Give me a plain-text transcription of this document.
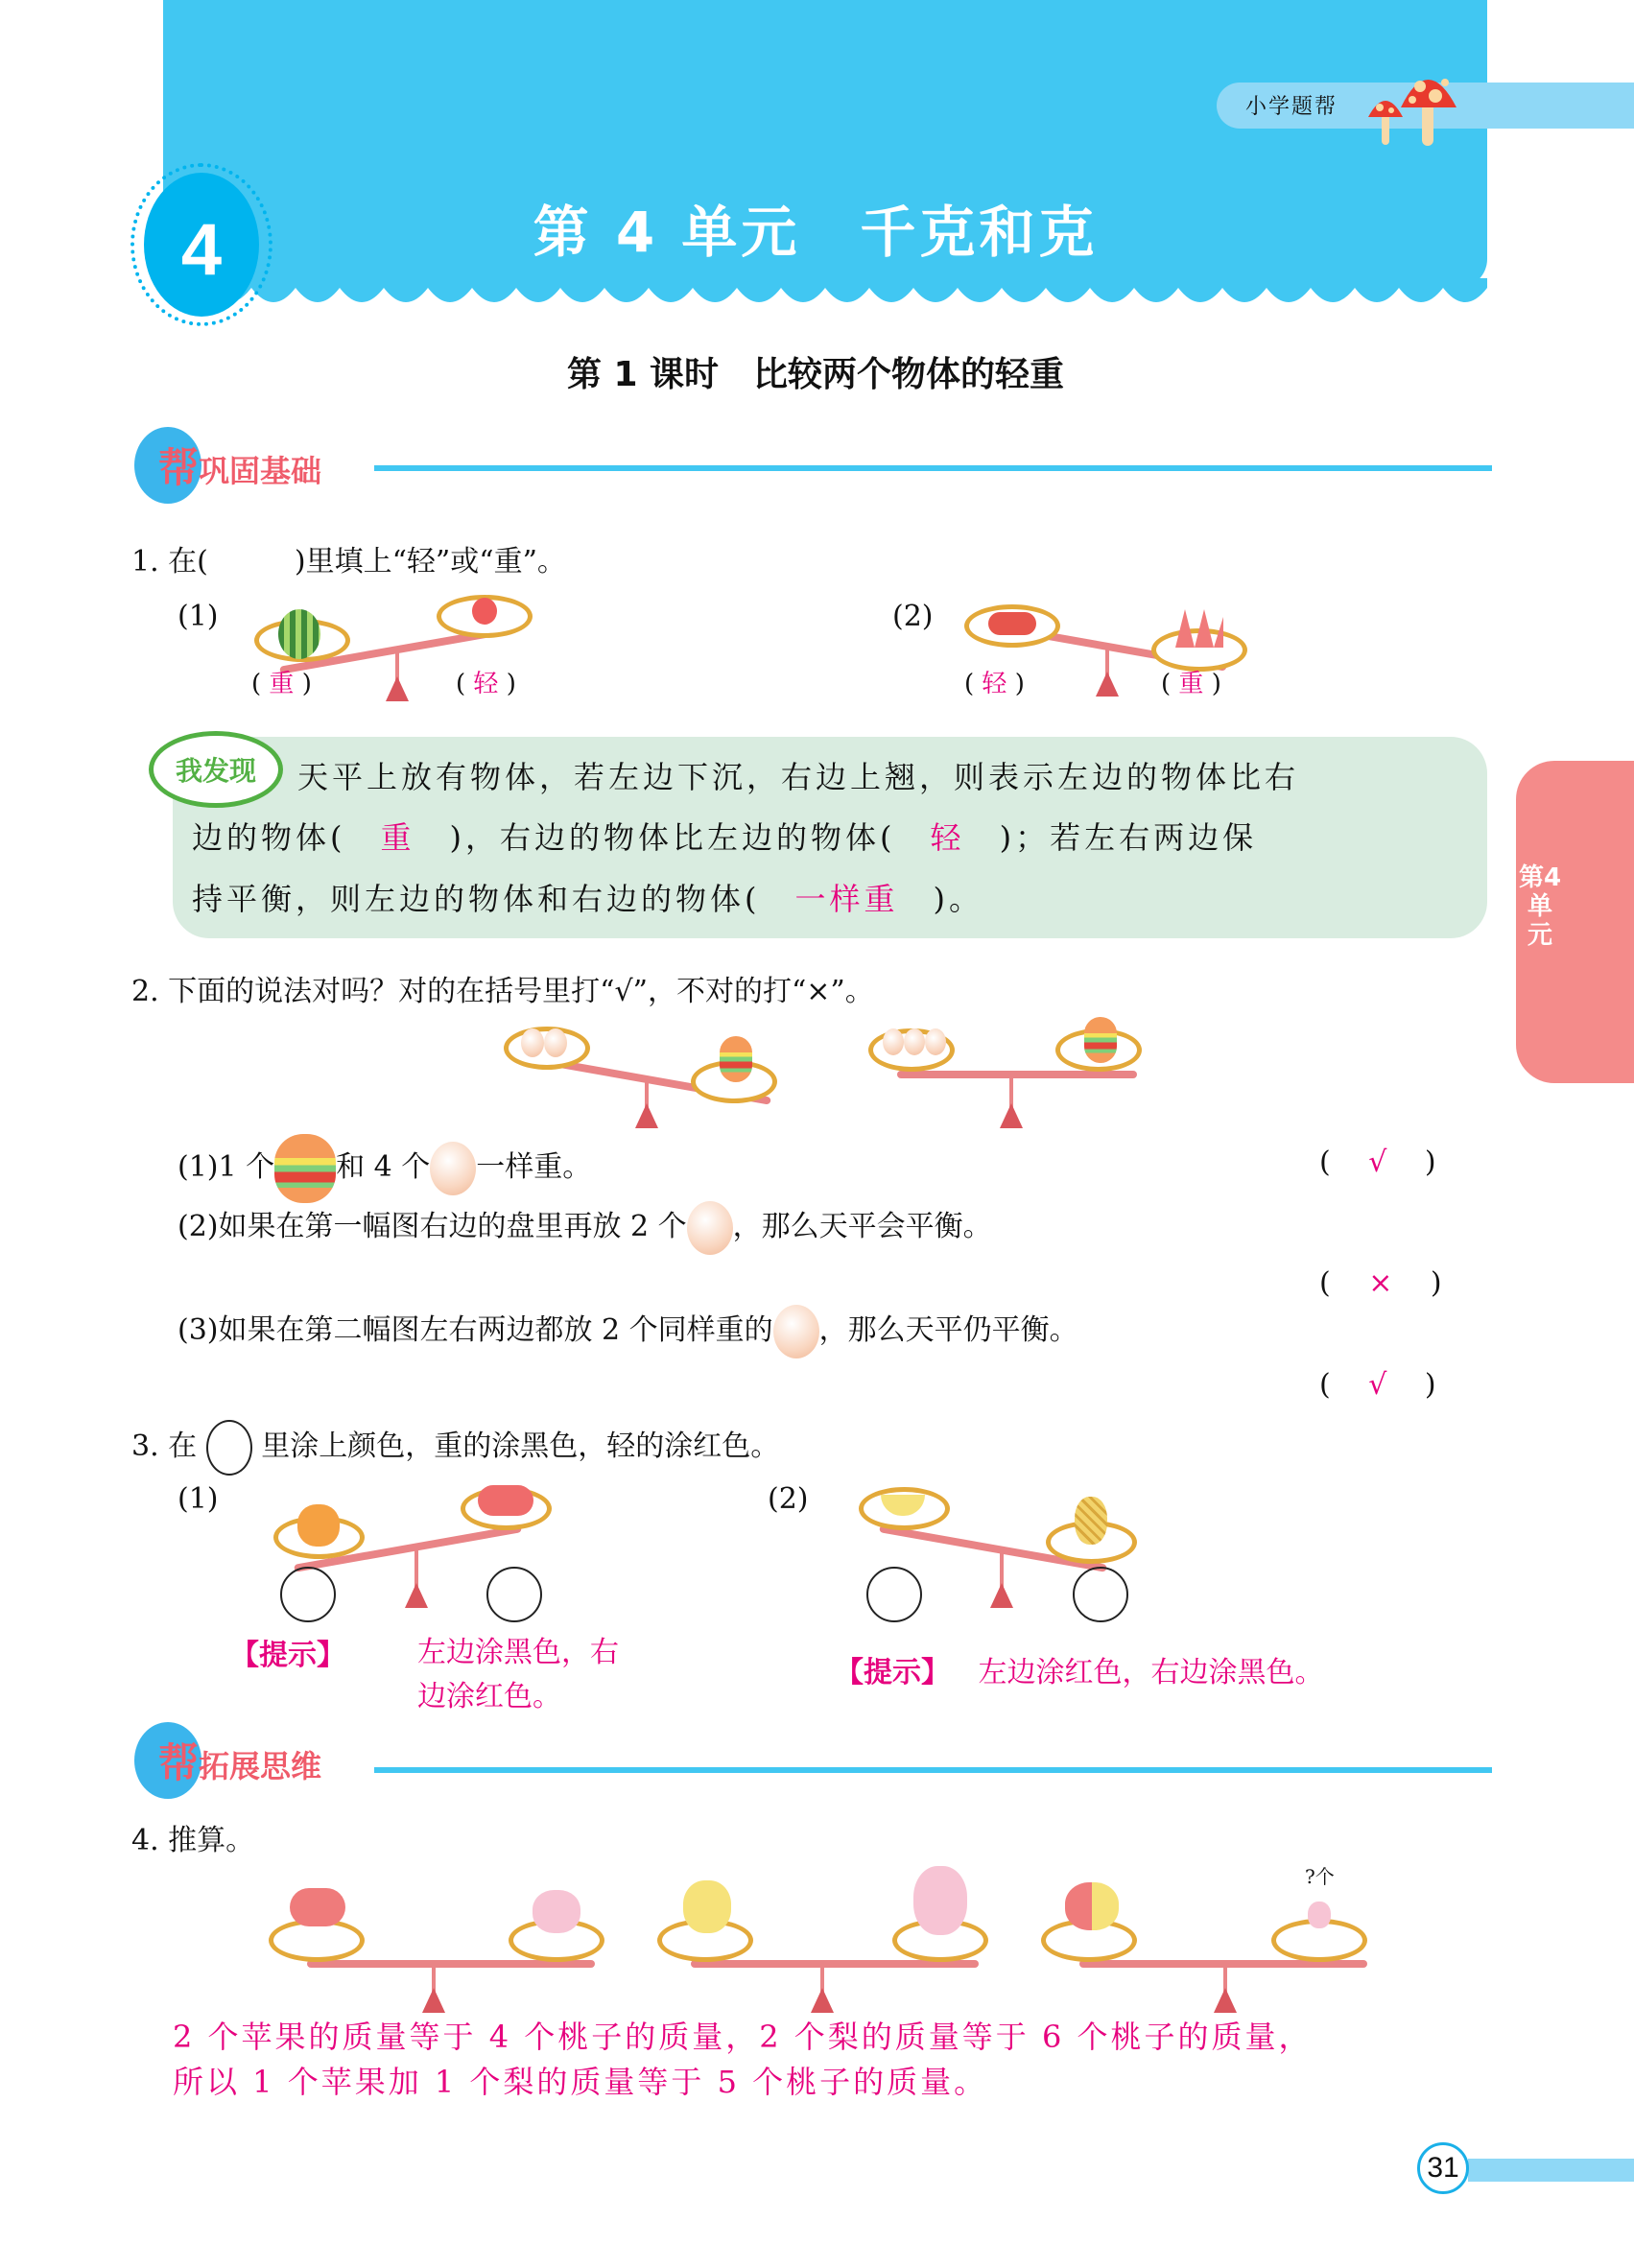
4	第 4 单元　千克和克
小学题帮
第 1 课时　比较两个物体的轻重
帮巩固基础
1. 在(　　　)里填上“轻”或“重”。
(1)
( 重 )	( 轻 )
(2)
( 轻 )	( 重 )
第4单元
我发现	天平上放有物体，若左边下沉，右边上翘，则表示左边的物体比右
边的物体(　 重　 )，右边的物体比左边的物体(　 轻　 )；若左右两边保
持平衡，则左边的物体和右边的物体(　 一样重　 )。
2. 下面的说法对吗？对的在括号里打“√”，不对的打“×”。
(1)1 个 和 4 个 一样重。	(　 √ 　)
(2)如果在第一幅图右边的盘里再放 2 个 ，那么天平会平衡。
(　 × 　)
(3)如果在第二幅图左右两边都放 2 个同样重的 ，那么天平仍平衡。
(　 √ 　)
3. 在 里涂上颜色，重的涂黑色，轻的涂红色。
(1)
【提示】	左边涂黑色，右
边涂红色。
(2)
【提示】 左边涂红色，右边涂黑色。
帮拓展思维
4. 推算。
?个
2 个苹果的质量等于 4 个桃子的质量，2 个梨的质量等于 6 个桃子的质量，
所以 1 个苹果加 1 个梨的质量等于 5 个桃子的质量。
31
